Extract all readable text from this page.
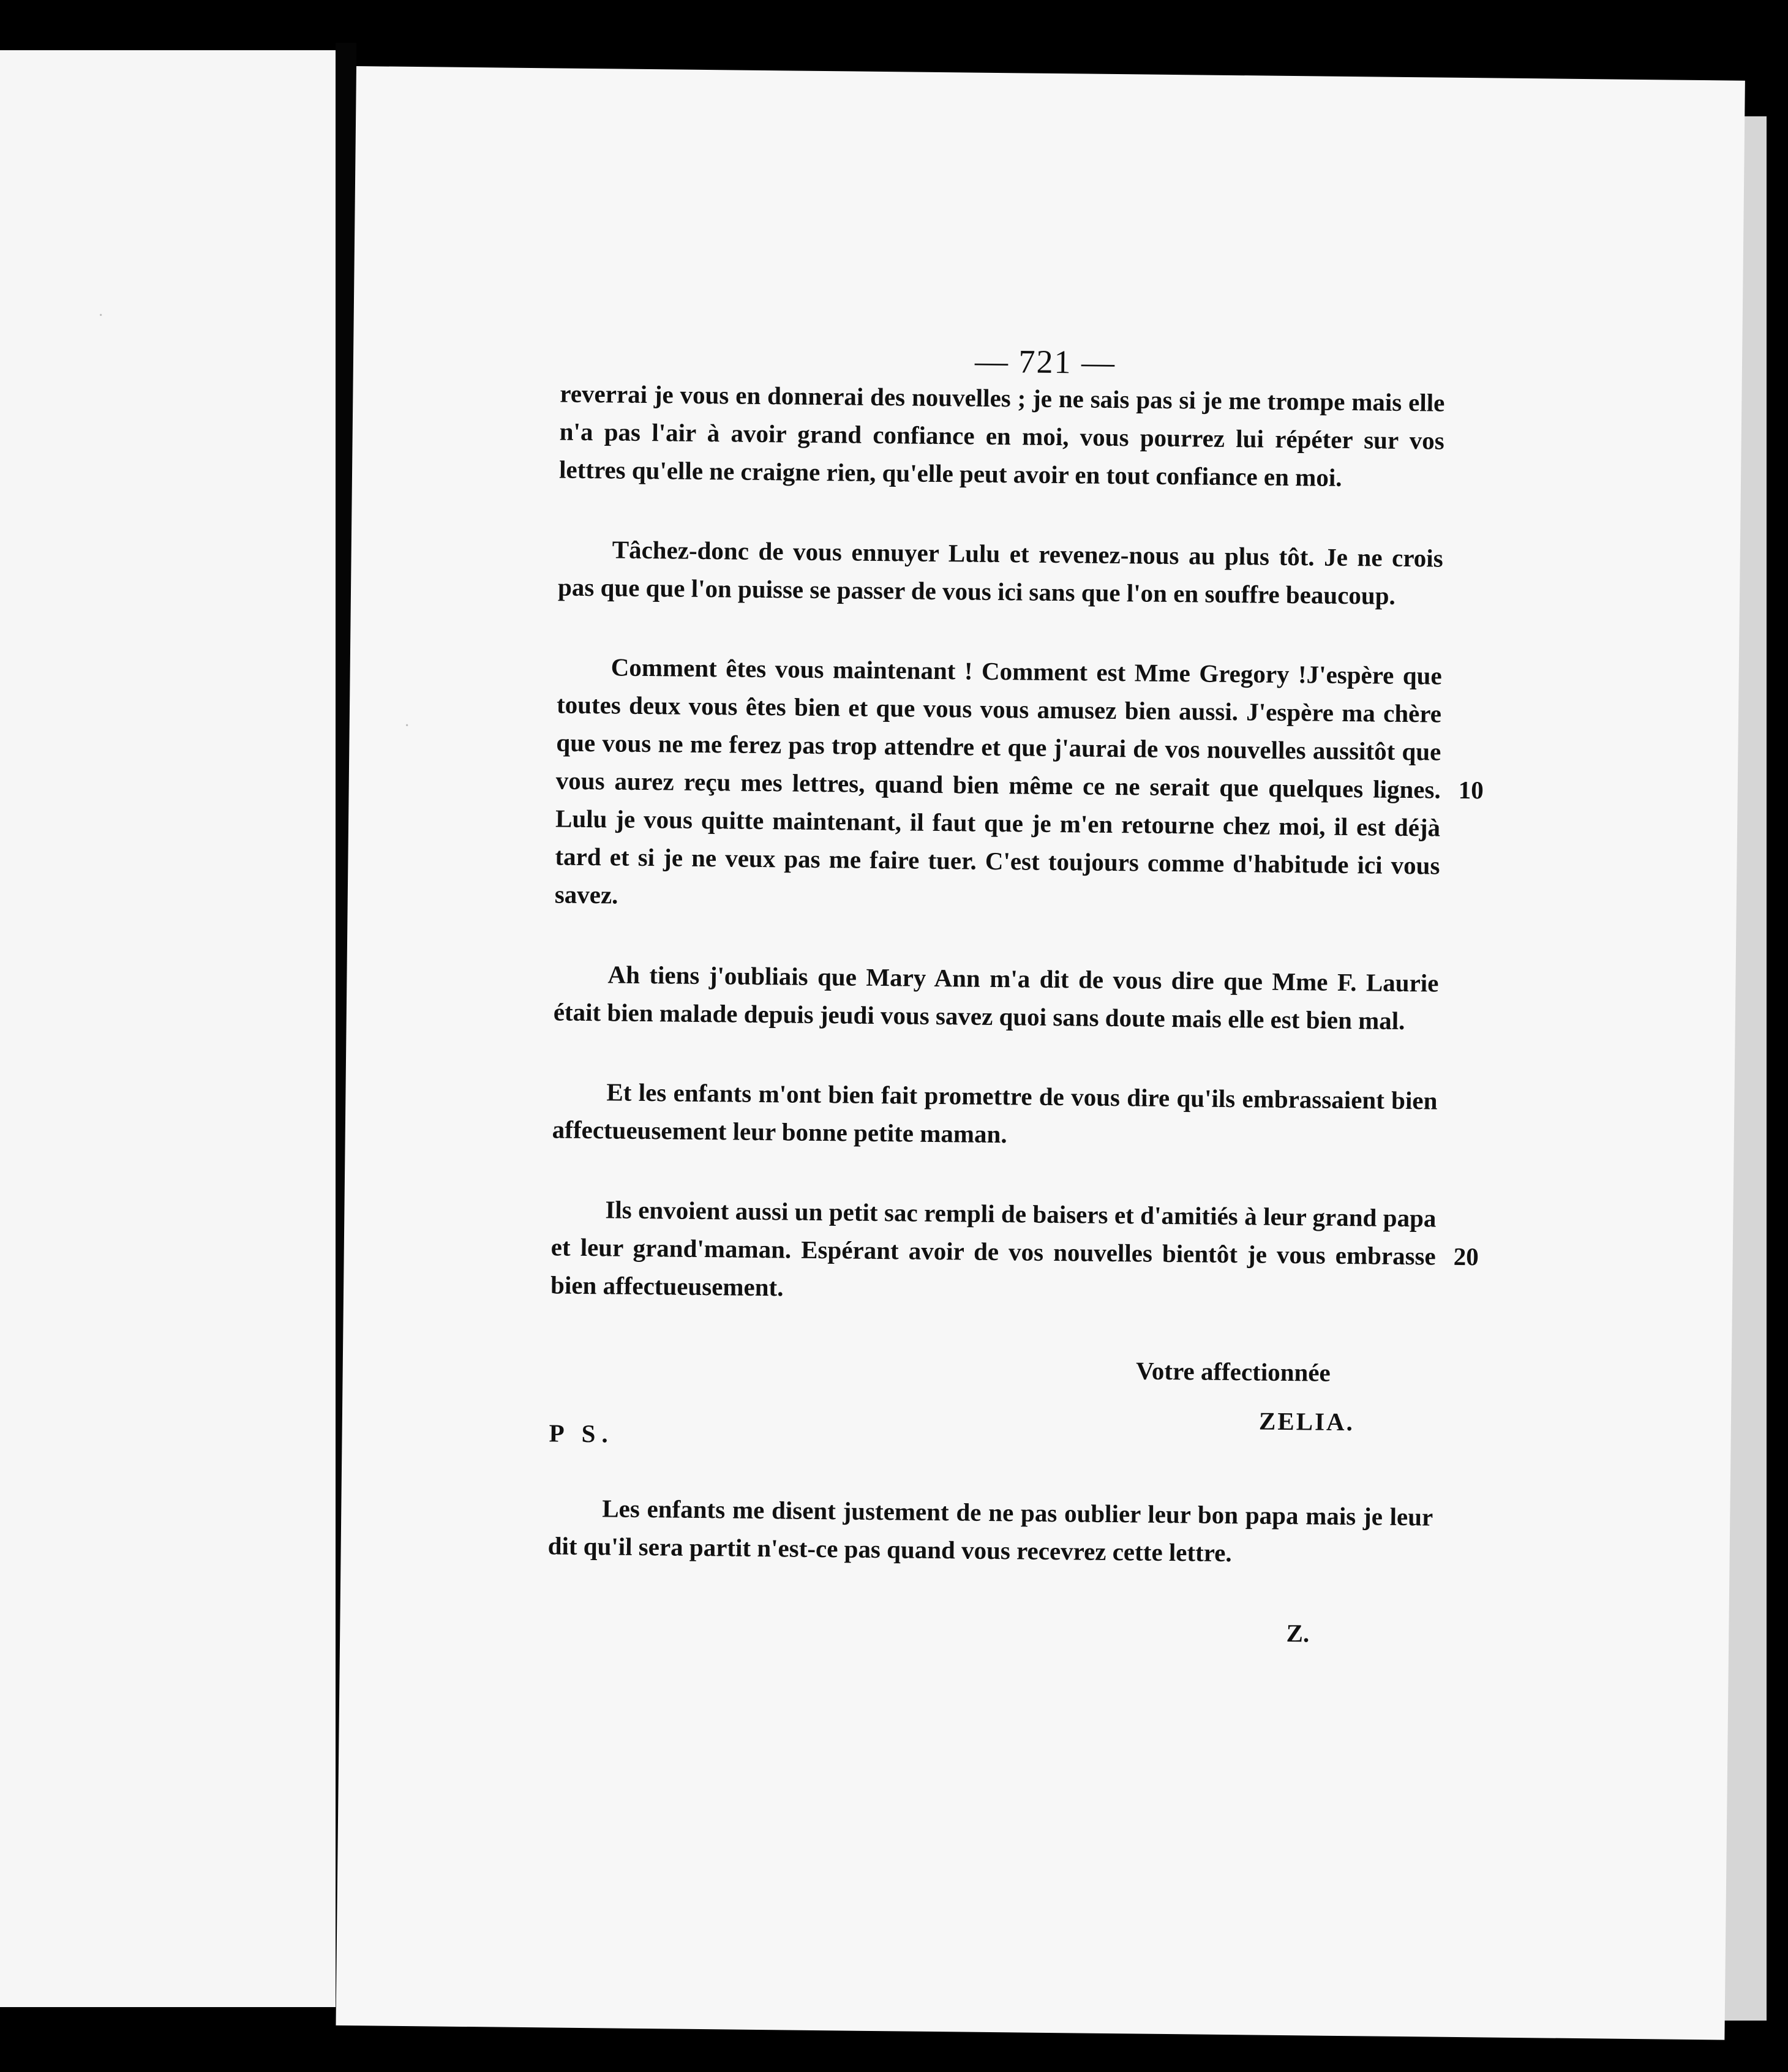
— 721 —

reverrai je vous en donnerai des nouvelles ; je ne sais pas si je me trompe mais elle n'a pas l'air à avoir grand confiance en moi, vous pourrez lui répéter sur vos lettres qu'elle ne craigne rien, qu'elle peut avoir en tout confiance en moi.

Tâchez-donc de vous ennuyer Lulu et revenez-nous au plus tôt. Je ne crois pas que que l'on puisse se passer de vous ici sans que l'on en souffre beaucoup.

Comment êtes vous maintenant ! Comment est Mme Gregory !J'espère que toutes deux vous êtes bien et que vous vous amusez bien aussi. J'espère ma chère que vous ne me ferez pas trop attendre et que j'aurai de vos nouvelles aussitôt que vous aurez reçu mes lettres, quand bien même ce ne serait que quelques lignes. Lulu je vous quitte maintenant, il faut que je m'en retourne chez moi, il est déjà tard et si je ne veux pas me faire tuer. C'est toujours comme d'habitude ici vous savez.

10

Ah tiens j'oubliais que Mary Ann m'a dit de vous dire que Mme F. Laurie était bien malade depuis jeudi vous savez quoi sans doute mais elle est bien mal.

Et les enfants m'ont bien fait promettre de vous dire qu'ils embrassaient bien affectueusement leur bonne petite maman.

Ils envoient aussi un petit sac rempli de baisers et d'amitiés à leur grand papa et leur grand'maman. Espérant avoir de vos nouvelles bientôt je vous embrasse bien affectueusement.

20

Votre affectionnée

ZELIA.

P S.

Les enfants me disent justement de ne pas oublier leur bon papa mais je leur dit qu'il sera partit n'est-ce pas quand vous recevrez cette lettre.

Z.

·
·
